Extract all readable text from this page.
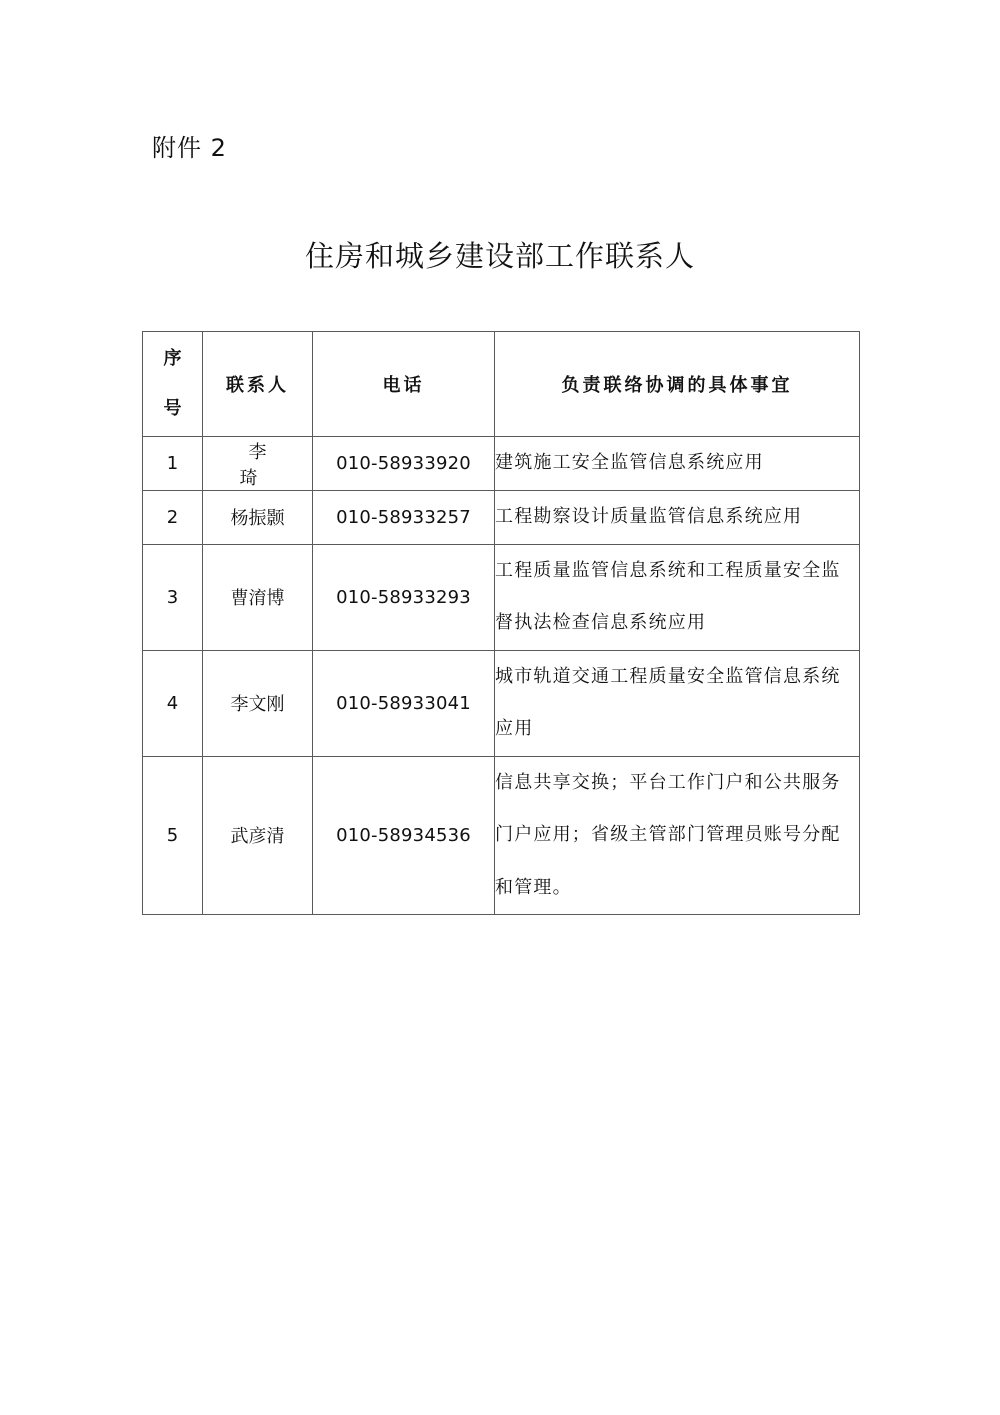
附件 2
住房和城乡建设部工作联系人
序号	联系人	电话	负责联络协调的具体事宜
1	李 琦	010-58933920	建筑施工安全监管信息系统应用
2	杨振颢	010-58933257	工程勘察设计质量监管信息系统应用
3	曹淯博	010-58933293	工程质量监管信息系统和工程质量安全监督执法检查信息系统应用
4	李文刚	010-58933041	城市轨道交通工程质量安全监管信息系统应用
5	武彦清	010-58934536	信息共享交换；平台工作门户和公共服务门户应用；省级主管部门管理员账号分配和管理。
